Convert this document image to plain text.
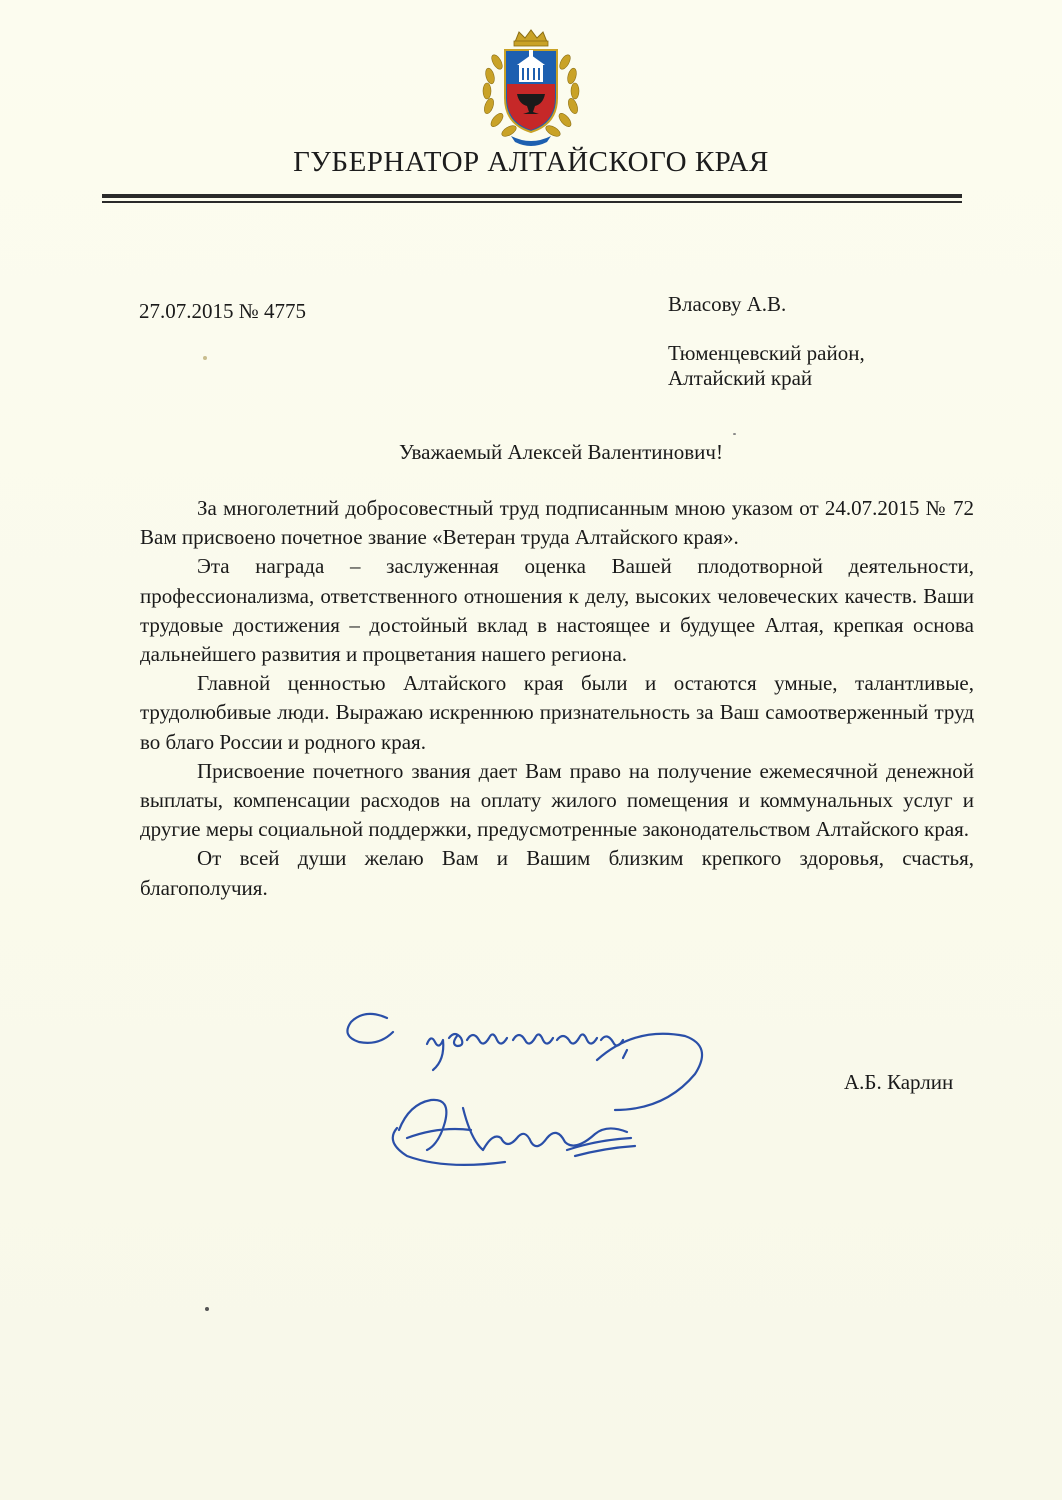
ГУБЕРНАТОР АЛТАЙСКОГО КРАЯ
27.07.2015 № 4775	Власову А.В.
Тюменцевский район,
Алтайский край
Уважаемый Алексей Валентинович!

За многолетний добросовестный труд подписанным мною указом от 24.07.2015 № 72 Вам присвоено почетное звание «Ветеран труда Алтайского края».

Эта награда – заслуженная оценка Вашей плодотворной деятельности, профессионализма, ответственного отношения к делу, высоких человеческих качеств. Ваши трудовые достижения – достойный вклад в настоящее и будущее Алтая, крепкая основа дальнейшего развития и процветания нашего региона.

Главной ценностью Алтайского края были и остаются умные, талантливые, трудолюбивые люди. Выражаю искреннюю признательность за Ваш самоотверженный труд во благо России и родного края.

Присвоение почетного звания дает Вам право на получение ежемесячной денежной выплаты, компенсации расходов на оплату жилого помещения и коммунальных услуг и другие меры социальной поддержки, предусмотренные законодательством Алтайского края.

От всей души желаю Вам и Вашим близким крепкого здоровья, счастья, благополучия.

А.Б. Карлин
